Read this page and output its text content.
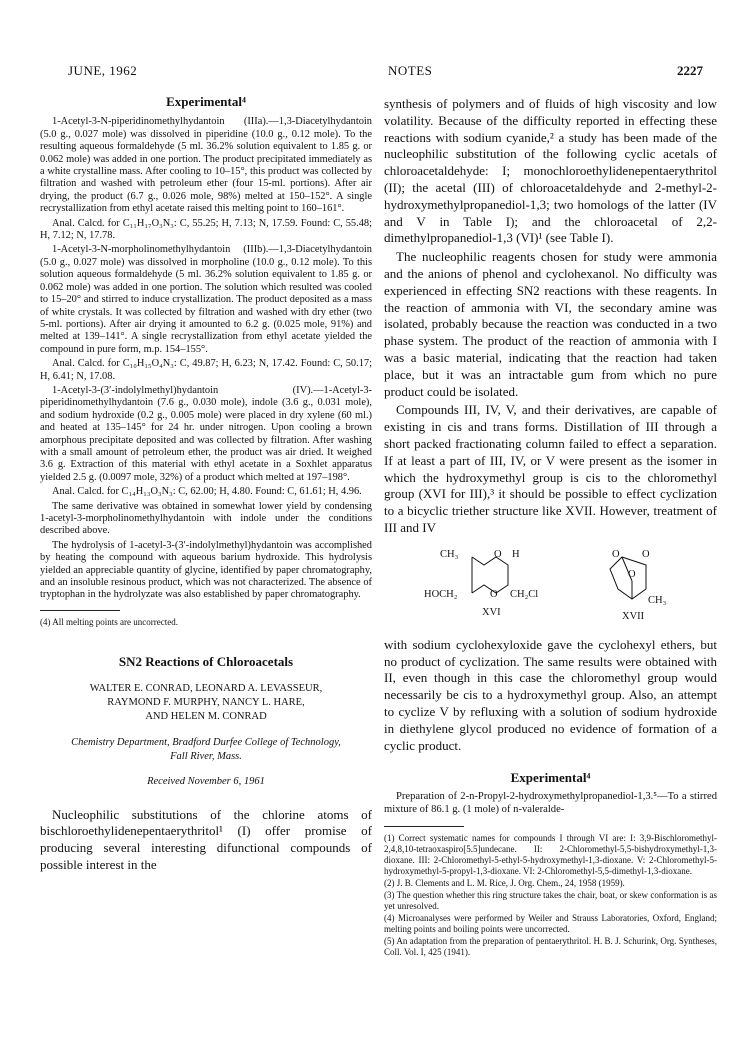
JUNE, 1962	NOTES	2227
Experimental⁴

1-Acetyl-3-N-piperidinomethylhydantoin (IIIa).—1,3-Diacetylhydantoin (5.0 g., 0.027 mole) was dissolved in piperidine (10.0 g., 0.12 mole). To the resulting aqueous formaldehyde (5 ml. 36.2% solution equivalent to 1.85 g. or 0.062 mole) was added in one portion. The product precipitated immediately as a white crystalline mass. After cooling to 10–15°, this product was collected by filtration and washed with petroleum ether (four 15-ml. portions). After air drying, the product (6.7 g., 0.026 mole, 98%) melted at 150–152°. A single recrystallization from ethyl acetate raised this melting point to 160–161°.

Anal. Calcd. for C₁₁H₁₇O₃N₃: C, 55.25; H, 7.13; N, 17.59. Found: C, 55.48; H, 7.12; N, 17.78.

1-Acetyl-3-N-morpholinomethylhydantoin (IIIb).—1,3-Diacetylhydantoin (5.0 g., 0.027 mole) was dissolved in morpholine (10.0 g., 0.12 mole). To this solution aqueous formaldehyde (5 ml. 36.2% solution equivalent to 1.85 g. or 0.062 mole) was added in one portion. The solution which resulted was cooled to 15–20° and stirred to induce crystallization. The product deposited as a mass of white crystals. It was collected by filtration and washed with dry ether (two 5-ml. portions). After air drying it amounted to 6.2 g. (0.025 mole, 91%) and melted at 139–141°. A single recrystallization from ethyl acetate yielded the compound in pure form, m.p. 154–155°.

Anal. Calcd. for C₁₀H₁₅O₄N₃: C, 49.87; H, 6.23; N, 17.42. Found: C, 50.17; H, 6.41; N, 17.08.

1-Acetyl-3-(3′-indolylmethyl)hydantoin (IV).—1-Acetyl-3-piperidinomethylhydantoin (7.6 g., 0.030 mole), indole (3.6 g., 0.031 mole), and sodium hydroxide (0.2 g., 0.005 mole) were placed in dry xylene (60 ml.) and heated at 135–145° for 24 hr. under nitrogen. Upon cooling a brown amorphous precipitate deposited and was collected by filtration. After washing with a small amount of petroleum ether, the product was air dried. It weighed 3.6 g. Extraction of this material with ethyl acetate in a Soxhlet apparatus yielded 2.5 g. (0.0097 mole, 32%) of a product which melted at 197–198°.

Anal. Calcd. for C₁₄H₁₃O₃N₃: C, 62.00; H, 4.80. Found: C, 61.61; H, 4.96.

The same derivative was obtained in somewhat lower yield by condensing 1-acetyl-3-morpholinomethylhydantoin with indole under the conditions described above.

The hydrolysis of 1-acetyl-3-(3′-indolylmethyl)hydantoin was accomplished by heating the compound with aqueous barium hydroxide. This hydrolysis yielded an appreciable quantity of glycine, identified by paper chromatography, and an insoluble resinous product, which was not characterized. The absence of tryptophan in the hydrolyzate was also established by paper chromatography.

(4) All melting points are uncorrected.
SN2 Reactions of Chloroacetals
WALTER E. CONRAD, LEONARD A. LEVASSEUR,
RAYMOND F. MURPHY, NANCY L. HARE,
AND HELEN M. CONRAD
Chemistry Department, Bradford Durfee College of Technology,
Fall River, Mass.
Received November 6, 1961

Nucleophilic substitutions of the chlorine atoms of bischloroethylidenepentaerythritol¹ (I) offer promise of producing several interesting difunctional compounds of possible interest in the

synthesis of polymers and of fluids of high viscosity and low volatility. Because of the difficulty reported in effecting these reactions with sodium cyanide,² a study has been made of the nucleophilic substitution of the following cyclic acetals of chloroacetaldehyde: I; monochloroethylidenepentaerythritol (II); the acetal (III) of chloroacetaldehyde and 2-methyl-2-hydroxymethylpropanediol-1,3; two homologs of the latter (IV and V in Table I); and the chloroacetal of 2,2-dimethylpropanediol-1,3 (VI)¹ (see Table I).

The nucleophilic reagents chosen for study were ammonia and the anions of phenol and cyclohexanol. No difficulty was experienced in effecting SN2 reactions with these reagents. In the reaction of ammonia with VI, the secondary amine was isolated, probably because the reaction was conducted in a two phase system. The product of the reaction of ammonia with I was a basic material, indicating that the reaction had taken place, but it was an intractable gum from which no pure product could be isolated.

Compounds III, IV, V, and their derivatives, are capable of existing in cis and trans forms. Distillation of III through a short packed fractionating column failed to effect a separation. If at least a part of III, IV, or V were present as the isomer in which the hydroxymethyl group is cis to the chloromethyl group (XVI for III),³ it should be possible to effect cyclization to a bicyclic triether structure like XVII. However, treatment of III and IV

CH₃	O H
HOCH₂	O CH₂Cl
XVI
O O
O
CH₃
XVII

with sodium cyclohexyloxide gave the cyclohexyl ethers, but no product of cyclization. The same results were obtained with II, even though in this case the chloromethyl group would necessarily be cis to a hydroxymethyl group. Also, an attempt to cyclize V by refluxing with a solution of sodium hydroxide in diethylene glycol produced no evidence of formation of a cyclic product.

Experimental⁴

Preparation of 2-n-Propyl-2-hydroxymethylpropanediol-1,3.⁵—To a stirred mixture of 86.1 g. (1 mole) of n-valeralde-

(1) Correct systematic names for compounds I through VI are: I: 3,9-Bischloromethyl-2,4,8,10-tetraoxaspiro[5.5]undecane. II: 2-Chloromethyl-5,5-bishydroxymethyl-1,3-dioxane. III: 2-Chloromethyl-5-ethyl-5-hydroxymethyl-1,3-dioxane. V: 2-Chloromethyl-5-hydroxymethyl-5-propyl-1,3-dioxane. VI: 2-Chloromethyl-5,5-dimethyl-1,3-dioxane.

(2) J. B. Clements and L. M. Rice, J. Org. Chem., 24, 1958 (1959).

(3) The question whether this ring structure takes the chair, boat, or skew conformation is as yet unresolved.

(4) Microanalyses were performed by Weiler and Strauss Laboratories, Oxford, England; melting points and boiling points were uncorrected.

(5) An adaptation from the preparation of pentaerythritol. H. B. J. Schurink, Org. Syntheses, Coll. Vol. I, 425 (1941).
